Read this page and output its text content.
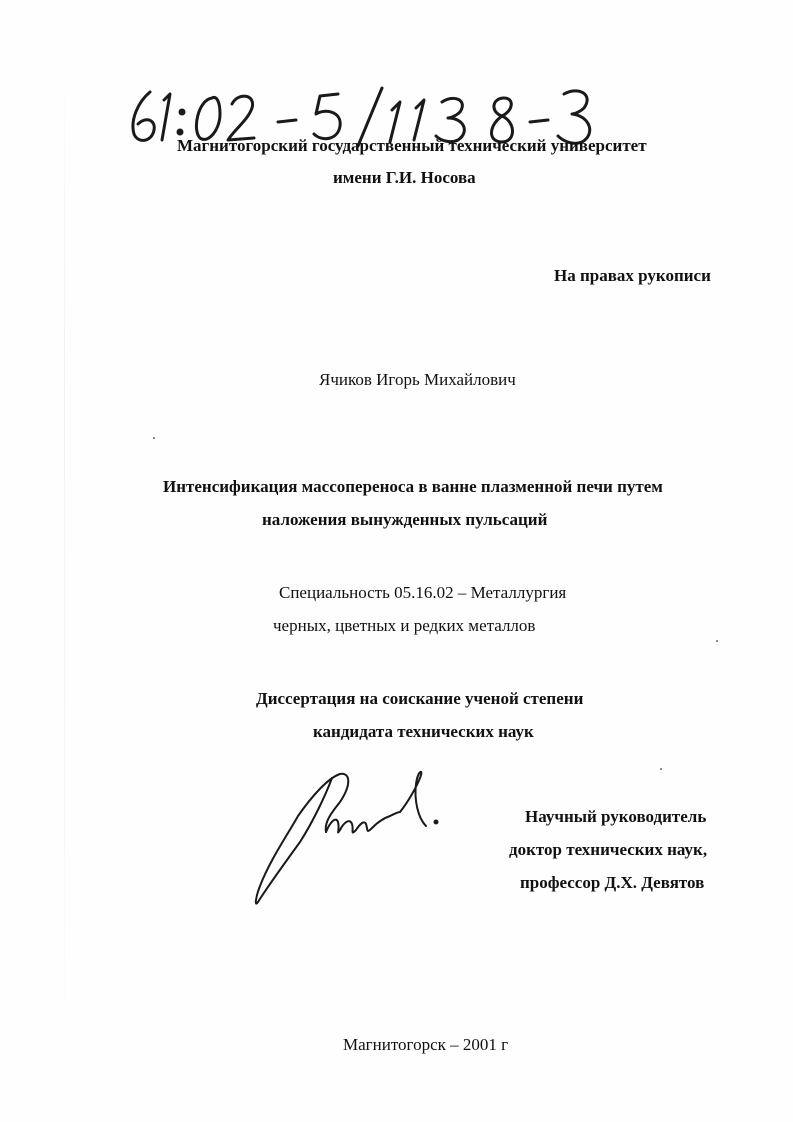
Магнитогорский государственный технический университет
имени Г.И. Носова
На правах рукописи
Ячиков Игорь Михайлович
Интенсификация массопереноса в ванне плазменной печи путем
наложения вынужденных пульсаций
Специальность 05.16.02 – Металлургия
черных, цветных и редких металлов
Диссертация на соискание ученой степени
кандидата технических наук
Научный руководитель
доктор технических наук,
профессор Д.Х. Девятов
Магнитогорск – 2001 г
